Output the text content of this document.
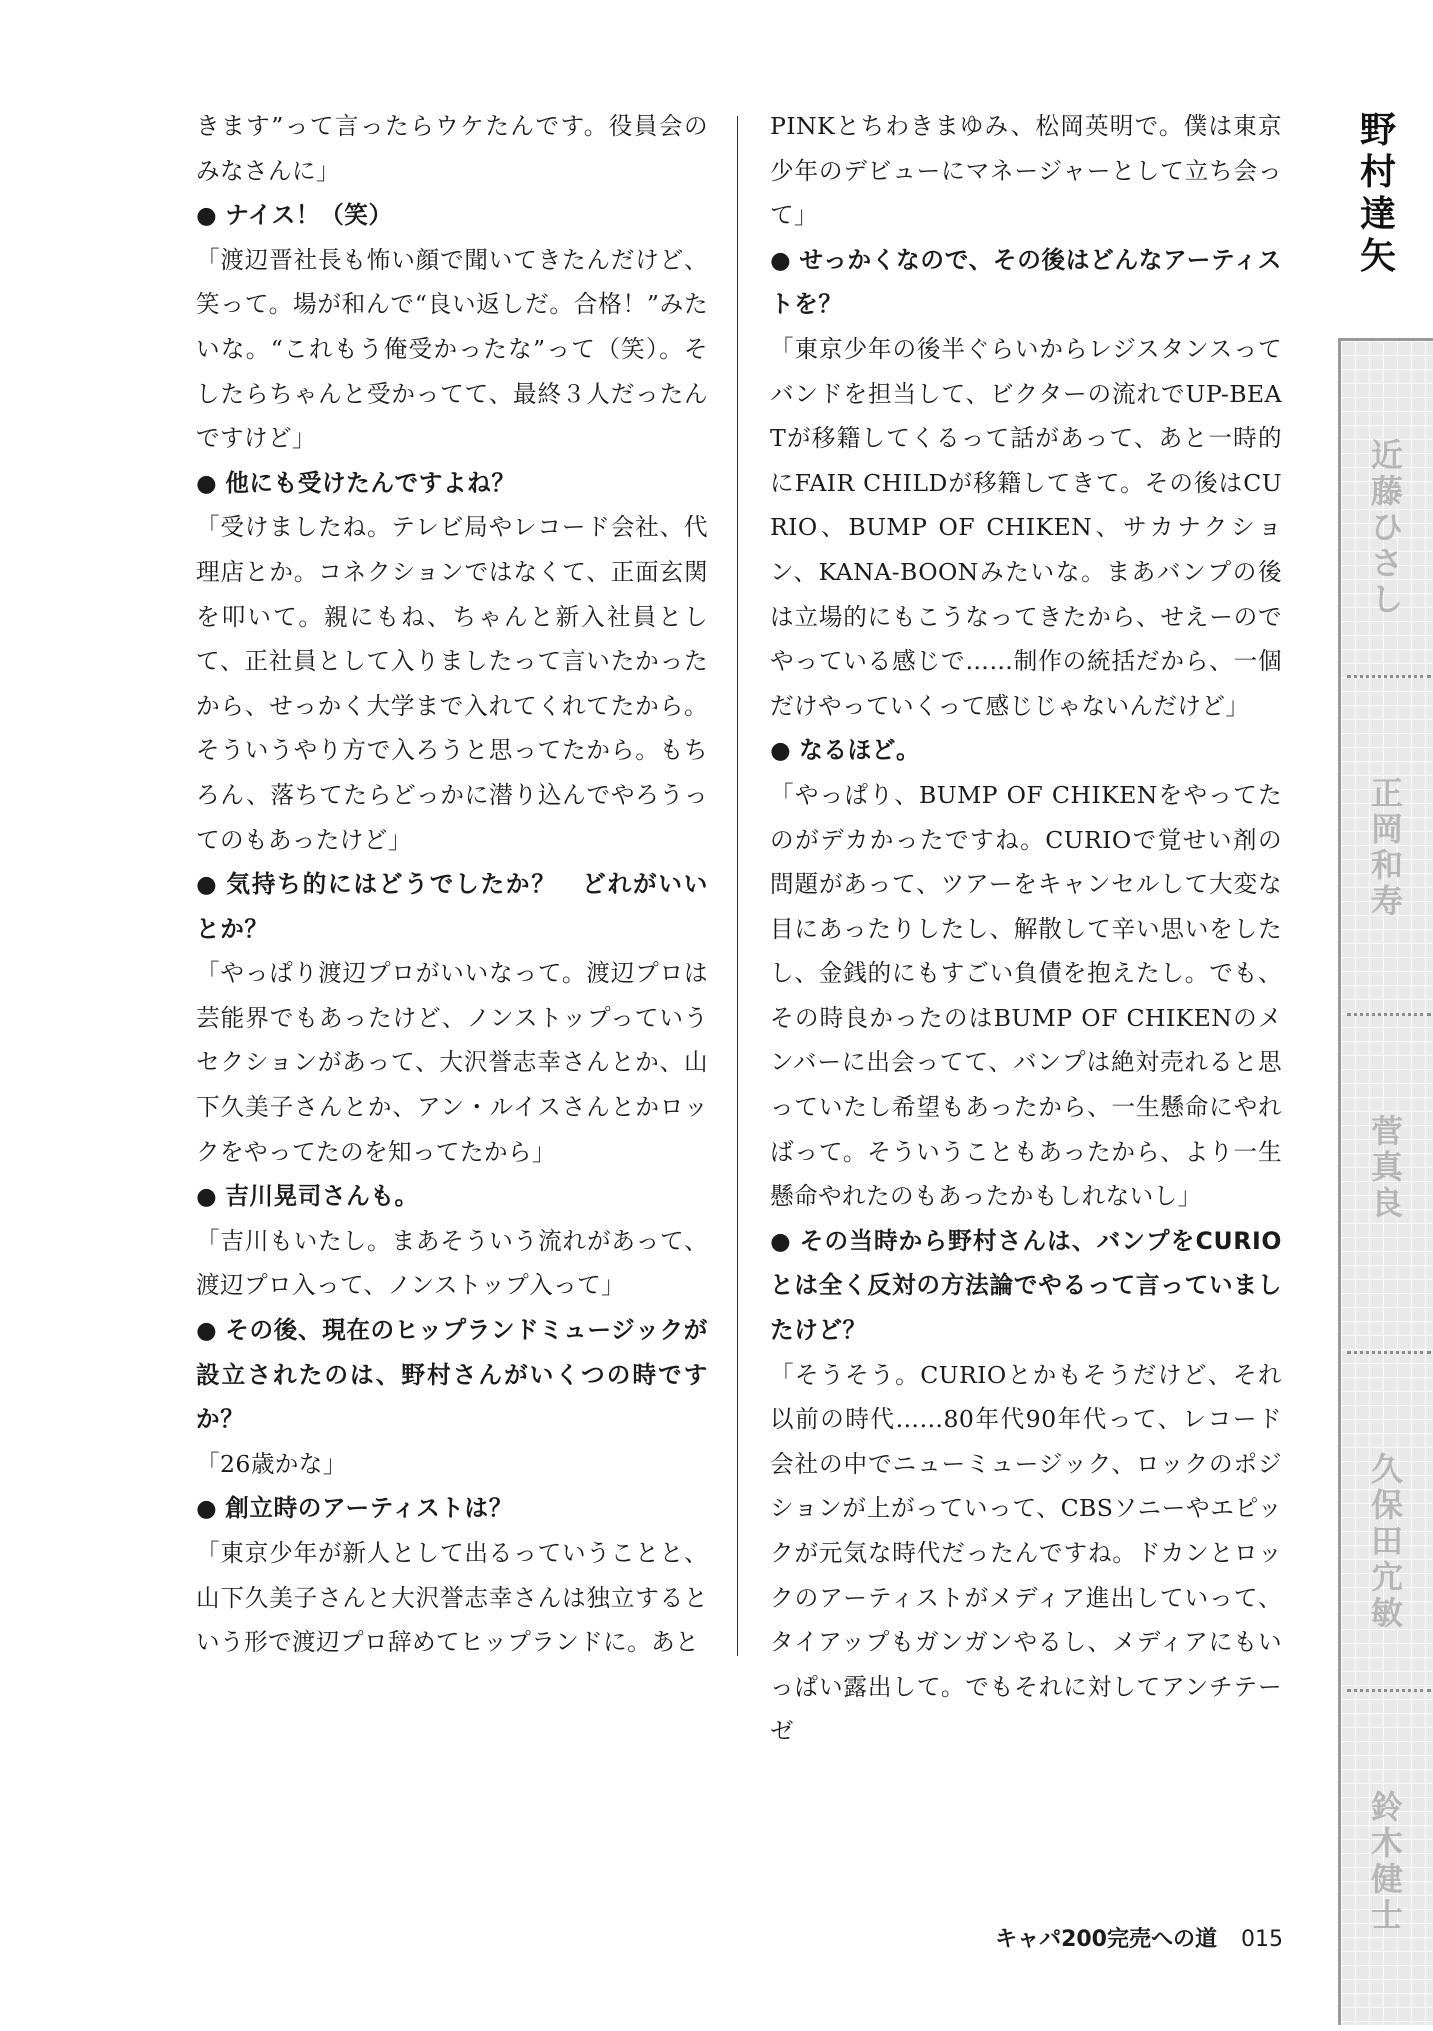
きます”って言ったらウケたんです。役員会のみなさんに」

● ナイス！（笑）

「渡辺晋社長も怖い顔で聞いてきたんだけど、笑って。場が和んで“良い返しだ。合格！”みたいな。“これもう俺受かったな”って（笑）。そしたらちゃんと受かってて、最終３人だったんですけど」

● 他にも受けたんですよね？

「受けましたね。テレビ局やレコード会社、代理店とか。コネクションではなくて、正面玄関を叩いて。親にもね、ちゃんと新入社員として、正社員として入りましたって言いたかったから、せっかく大学まで入れてくれてたから。そういうやり方で入ろうと思ってたから。もちろん、落ちてたらどっかに潜り込んでやろうってのもあったけど」

● 気持ち的にはどうでしたか？　どれがいいとか？

「やっぱり渡辺プロがいいなって。渡辺プロは芸能界でもあったけど、ノンストップっていうセクションがあって、大沢誉志幸さんとか、山下久美子さんとか、アン・ルイスさんとかロックをやってたのを知ってたから」

● 吉川晃司さんも。

「吉川もいたし。まあそういう流れがあって、渡辺プロ入って、ノンストップ入って」

● その後、現在のヒップランドミュージックが設立されたのは、野村さんがいくつの時ですか？

「26歳かな」

● 創立時のアーティストは？

「東京少年が新人として出るっていうことと、山下久美子さんと大沢誉志幸さんは独立するという形で渡辺プロ辞めてヒップランドに。あと

PINKとちわきまゆみ、松岡英明で。僕は東京少年のデビューにマネージャーとして立ち会って」

● せっかくなので、その後はどんなアーティストを？

「東京少年の後半ぐらいからレジスタンスってバンドを担当して、ビクターの流れでUP-BEATが移籍してくるって話があって、あと一時的にFAIR CHILDが移籍してきて。その後はCURIO、BUMP OF CHIKEN、サカナクション、KANA-BOONみたいな。まあバンプの後は立場的にもこうなってきたから、せえーのでやっている感じで……制作の統括だから、一個だけやっていくって感じじゃないんだけど」

● なるほど。

「やっぱり、BUMP OF CHIKENをやってたのがデカかったですね。CURIOで覚せい剤の問題があって、ツアーをキャンセルして大変な目にあったりしたし、解散して辛い思いをしたし、金銭的にもすごい負債を抱えたし。でも、その時良かったのはBUMP OF CHIKENのメンバーに出会ってて、バンプは絶対売れると思っていたし希望もあったから、一生懸命にやればって。そういうこともあったから、より一生懸命やれたのもあったかもしれないし」

● その当時から野村さんは、バンプをCURIOとは全く反対の方法論でやるって言っていましたけど？

「そうそう。CURIOとかもそうだけど、それ以前の時代……80年代90年代って、レコード会社の中でニューミュージック、ロックのポジションが上がっていって、CBSソニーやエピックが元気な時代だったんですね。ドカンとロックのアーティストがメディア進出していって、タイアップもガンガンやるし、メディアにもいっぱい露出して。でもそれに対してアンチテーゼ

野村達矢
近藤ひさし
正岡和寿
菅 真良
久保田宂敏
鈴木健士
キャパ200完売への道 015
